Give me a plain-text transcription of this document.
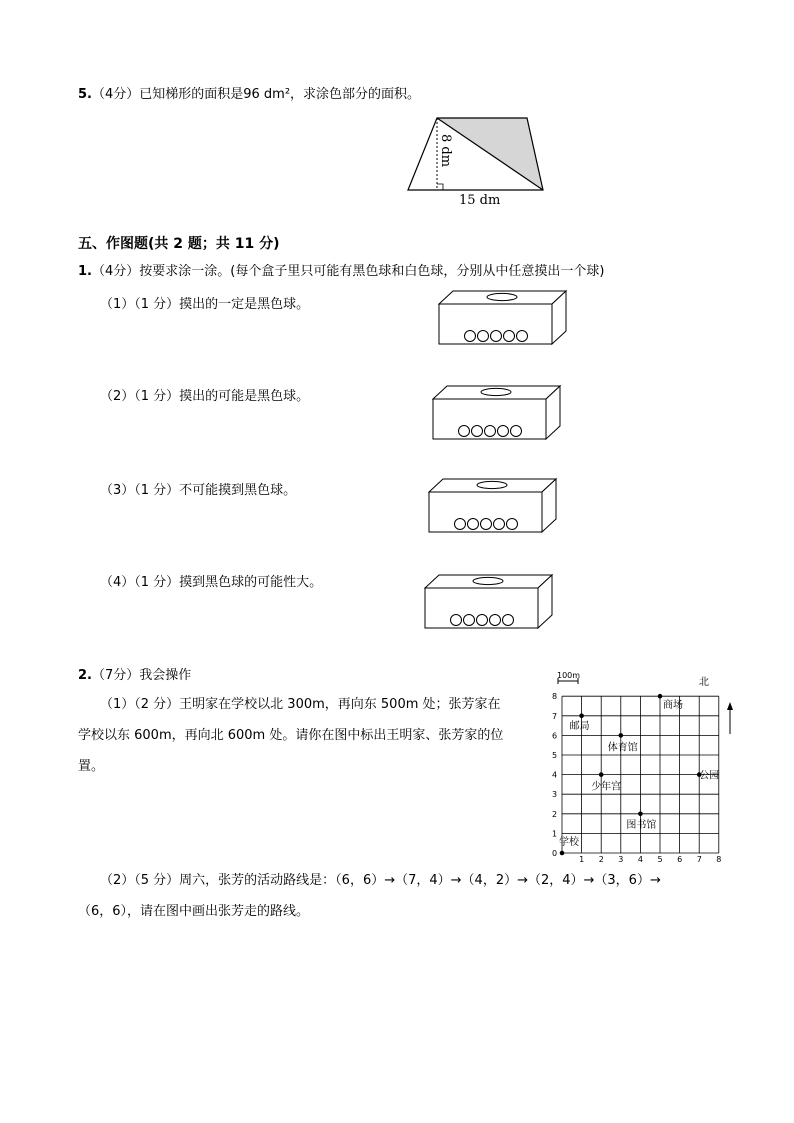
5.（4分）已知梯形的面积是96 dm²，求涂色部分的面积。
8 dm
15 dm
五、作图题(共 2 题；共 11 分)
1.（4分）按要求涂一涂。(每个盒子里只可能有黑色球和白色球，分别从中任意摸出一个球)
（1）（1 分）摸出的一定是黑色球。
（2）（1 分）摸出的可能是黑色球。
（3）（1 分）不可能摸到黑色球。
（4）（1 分）摸到黑色球的可能性大。
2.（7分）我会操作
（1）（2 分）王明家在学校以北 300m，再向东 500m 处；张芳家在
学校以东 600m，再向北 600m 处。请你在图中标出王明家、张芳家的位
置。
1 2 3 4 5 6 7 8
0
1
2
3
4
5
6
7
8
学校
邮局
商场
体育馆
少年宫
公园
图书馆
100m
北
（2）（5 分）周六，张芳的活动路线是：（6，6）→（7，4）→（4，2）→（2，4）→（3，6）→
（6，6），请在图中画出张芳走的路线。
